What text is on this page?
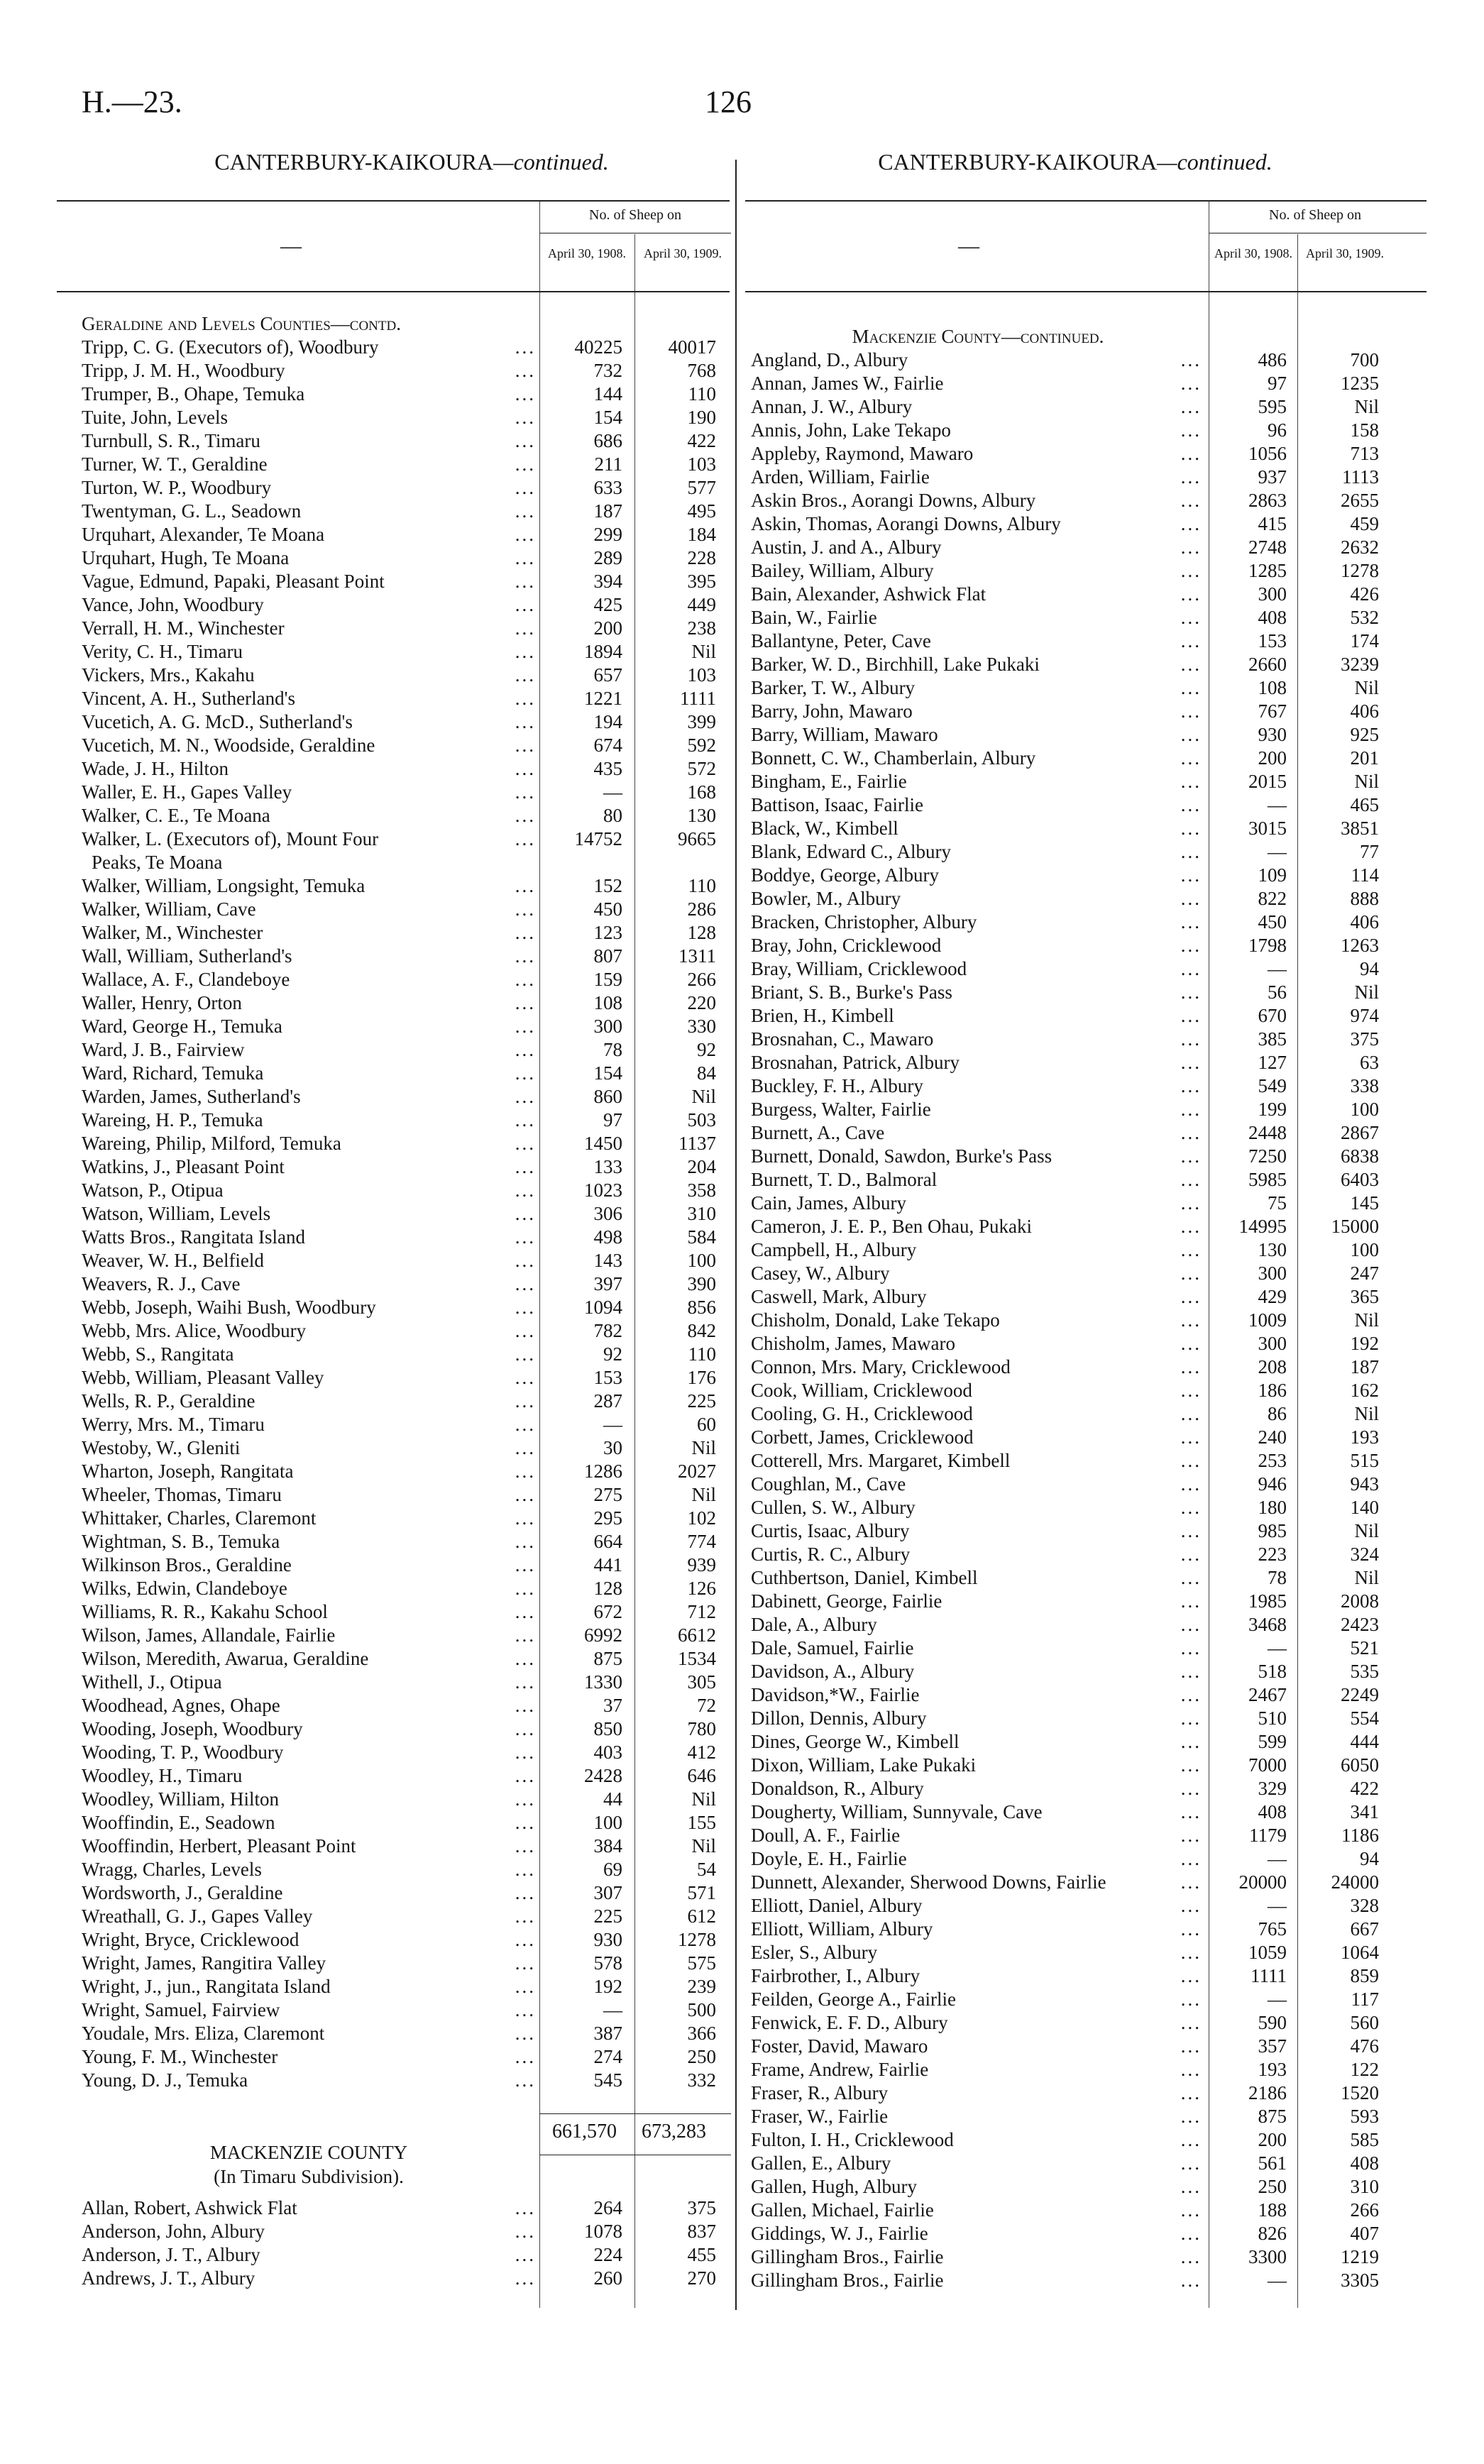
H.—23.	126
CANTERBURY-KAIKOURA—continued.	CANTERBURY-KAIKOURA—continued.
No. of Sheep on
April 30, 1908.	April 30, 1909.
—
No. of Sheep on
April 30, 1908.	April 30, 1909.
—
Geraldine and Levels Counties—contd.
Tripp, C. G. (Executors of), Woodbury	...	40225	40017
Tripp, J. M. H., Woodbury	...	732	768
Trumper, B., Ohape, Temuka	...	144	110
Tuite, John, Levels	...	154	190
Turnbull, S. R., Timaru	...	686	422
Turner, W. T., Geraldine	...	211	103
Turton, W. P., Woodbury	...	633	577
Twentyman, G. L., Seadown	...	187	495
Urquhart, Alexander, Te Moana	...	299	184
Urquhart, Hugh, Te Moana	...	289	228
Vague, Edmund, Papaki, Pleasant Point	...	394	395
Vance, John, Woodbury	...	425	449
Verrall, H. M., Winchester	...	200	238
Verity, C. H., Timaru	...	1894	Nil
Vickers, Mrs., Kakahu	...	657	103
Vincent, A. H., Sutherland's	...	1221	1111
Vucetich, A. G. McD., Sutherland's	...	194	399
Vucetich, M. N., Woodside, Geraldine	...	674	592
Wade, J. H., Hilton	...	435	572
Waller, E. H., Gapes Valley	...	—	168
Walker, C. E., Te Moana	...	80	130
Walker, L. (Executors of), Mount Four	...	14752	9665
Peaks, Te Moana
Walker, William, Longsight, Temuka	...	152	110
Walker, William, Cave	...	450	286
Walker, M., Winchester	...	123	128
Wall, William, Sutherland's	...	807	1311
Wallace, A. F., Clandeboye	...	159	266
Waller, Henry, Orton	...	108	220
Ward, George H., Temuka	...	300	330
Ward, J. B., Fairview	...	78	92
Ward, Richard, Temuka	...	154	84
Warden, James, Sutherland's	...	860	Nil
Wareing, H. P., Temuka	...	97	503
Wareing, Philip, Milford, Temuka	...	1450	1137
Watkins, J., Pleasant Point	...	133	204
Watson, P., Otipua	...	1023	358
Watson, William, Levels	...	306	310
Watts Bros., Rangitata Island	...	498	584
Weaver, W. H., Belfield	...	143	100
Weavers, R. J., Cave	...	397	390
Webb, Joseph, Waihi Bush, Woodbury	...	1094	856
Webb, Mrs. Alice, Woodbury	...	782	842
Webb, S., Rangitata	...	92	110
Webb, William, Pleasant Valley	...	153	176
Wells, R. P., Geraldine	...	287	225
Werry, Mrs. M., Timaru	...	—	60
Westoby, W., Gleniti	...	30	Nil
Wharton, Joseph, Rangitata	...	1286	2027
Wheeler, Thomas, Timaru	...	275	Nil
Whittaker, Charles, Claremont	...	295	102
Wightman, S. B., Temuka	...	664	774
Wilkinson Bros., Geraldine	...	441	939
Wilks, Edwin, Clandeboye	...	128	126
Williams, R. R., Kakahu School	...	672	712
Wilson, James, Allandale, Fairlie	...	6992	6612
Wilson, Meredith, Awarua, Geraldine	...	875	1534
Withell, J., Otipua	...	1330	305
Woodhead, Agnes, Ohape	...	37	72
Wooding, Joseph, Woodbury	...	850	780
Wooding, T. P., Woodbury	...	403	412
Woodley, H., Timaru	...	2428	646
Woodley, William, Hilton	...	44	Nil
Wooffindin, E., Seadown	...	100	155
Wooffindin, Herbert, Pleasant Point	...	384	Nil
Wragg, Charles, Levels	...	69	54
Wordsworth, J., Geraldine	...	307	571
Wreathall, G. J., Gapes Valley	...	225	612
Wright, Bryce, Cricklewood	...	930	1278
Wright, James, Rangitira Valley	...	578	575
Wright, J., jun., Rangitata Island	...	192	239
Wright, Samuel, Fairview	...	—	500
Youdale, Mrs. Eliza, Claremont	...	387	366
Young, F. M., Winchester	...	274	250
Young, D. J., Temuka	...	545	332
661,570 673,283
MACKENZIE COUNTY
(In Timaru Subdivision).
Allan, Robert, Ashwick Flat	...	264	375
Anderson, John, Albury	...	1078	837
Anderson, J. T., Albury	...	224	455
Andrews, J. T., Albury	...	260	270
Mackenzie County—continued.
Angland, D., Albury	...	486	700
Annan, James W., Fairlie	...	97	1235
Annan, J. W., Albury	...	595	Nil
Annis, John, Lake Tekapo	...	96	158
Appleby, Raymond, Mawaro	...	1056	713
Arden, William, Fairlie	...	937	1113
Askin Bros., Aorangi Downs, Albury	...	2863	2655
Askin, Thomas, Aorangi Downs, Albury	...	415	459
Austin, J. and A., Albury	...	2748	2632
Bailey, William, Albury	...	1285	1278
Bain, Alexander, Ashwick Flat	...	300	426
Bain, W., Fairlie	...	408	532
Ballantyne, Peter, Cave	...	153	174
Barker, W. D., Birchhill, Lake Pukaki	...	2660	3239
Barker, T. W., Albury	...	108	Nil
Barry, John, Mawaro	...	767	406
Barry, William, Mawaro	...	930	925
Bonnett, C. W., Chamberlain, Albury	...	200	201
Bingham, E., Fairlie	...	2015	Nil
Battison, Isaac, Fairlie	...	—	465
Black, W., Kimbell	...	3015	3851
Blank, Edward C., Albury	...	—	77
Boddye, George, Albury	...	109	114
Bowler, M., Albury	...	822	888
Bracken, Christopher, Albury	...	450	406
Bray, John, Cricklewood	...	1798	1263
Bray, William, Cricklewood	...	—	94
Briant, S. B., Burke's Pass	...	56	Nil
Brien, H., Kimbell	...	670	974
Brosnahan, C., Mawaro	...	385	375
Brosnahan, Patrick, Albury	...	127	63
Buckley, F. H., Albury	...	549	338
Burgess, Walter, Fairlie	...	199	100
Burnett, A., Cave	...	2448	2867
Burnett, Donald, Sawdon, Burke's Pass	...	7250	6838
Burnett, T. D., Balmoral	...	5985	6403
Cain, James, Albury	...	75	145
Cameron, J. E. P., Ben Ohau, Pukaki	...	14995	15000
Campbell, H., Albury	...	130	100
Casey, W., Albury	...	300	247
Caswell, Mark, Albury	...	429	365
Chisholm, Donald, Lake Tekapo	...	1009	Nil
Chisholm, James, Mawaro	...	300	192
Connon, Mrs. Mary, Cricklewood	...	208	187
Cook, William, Cricklewood	...	186	162
Cooling, G. H., Cricklewood	...	86	Nil
Corbett, James, Cricklewood	...	240	193
Cotterell, Mrs. Margaret, Kimbell	...	253	515
Coughlan, M., Cave	...	946	943
Cullen, S. W., Albury	...	180	140
Curtis, Isaac, Albury	...	985	Nil
Curtis, R. C., Albury	...	223	324
Cuthbertson, Daniel, Kimbell	...	78	Nil
Dabinett, George, Fairlie	...	1985	2008
Dale, A., Albury	...	3468	2423
Dale, Samuel, Fairlie	...	—	521
Davidson, A., Albury	...	518	535
Davidson,*W., Fairlie	...	2467	2249
Dillon, Dennis, Albury	...	510	554
Dines, George W., Kimbell	...	599	444
Dixon, William, Lake Pukaki	...	7000	6050
Donaldson, R., Albury	...	329	422
Dougherty, William, Sunnyvale, Cave	...	408	341
Doull, A. F., Fairlie	...	1179	1186
Doyle, E. H., Fairlie	...	—	94
Dunnett, Alexander, Sherwood Downs, Fairlie	...	20000	24000
Elliott, Daniel, Albury	...	—	328
Elliott, William, Albury	...	765	667
Esler, S., Albury	...	1059	1064
Fairbrother, I., Albury	...	1111	859
Feilden, George A., Fairlie	...	—	117
Fenwick, E. F. D., Albury	...	590	560
Foster, David, Mawaro	...	357	476
Frame, Andrew, Fairlie	...	193	122
Fraser, R., Albury	...	2186	1520
Fraser, W., Fairlie	...	875	593
Fulton, I. H., Cricklewood	...	200	585
Gallen, E., Albury	...	561	408
Gallen, Hugh, Albury	...	250	310
Gallen, Michael, Fairlie	...	188	266
Giddings, W. J., Fairlie	...	826	407
Gillingham Bros., Fairlie	...	3300	1219
Gillingham Bros., Fairlie	...	—	3305
